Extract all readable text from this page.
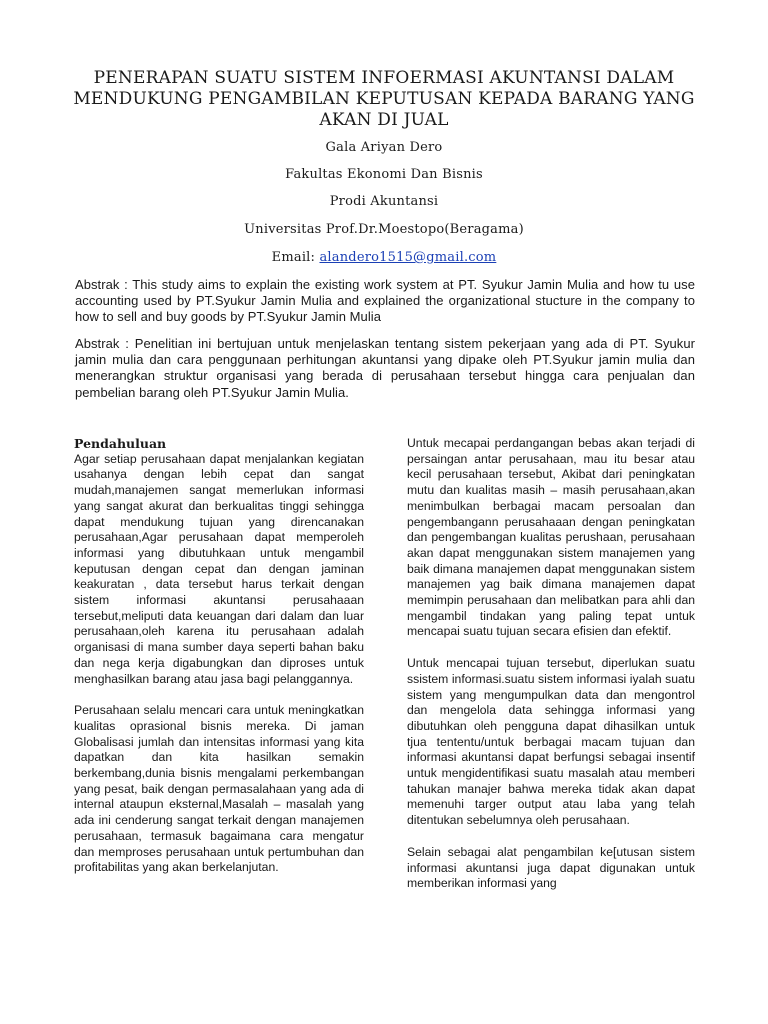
PENERAPAN SUATU SISTEM INFOERMASI AKUNTANSI DALAM MENDUKUNG PENGAMBILAN KEPUTUSAN KEPADA BARANG YANG AKAN DI JUAL
Gala Ariyan Dero
Fakultas Ekonomi Dan Bisnis
Prodi Akuntansi
Universitas Prof.Dr.Moestopo(Beragama)
Email: alandero1515@gmail.com
Abstrak : This study aims to explain the existing work system at PT. Syukur Jamin Mulia and how tu use accounting used by PT.Syukur Jamin Mulia and explained the organizational stucture in the company to how to sell and buy goods by PT.Syukur Jamin Mulia
Abstrak : Penelitian ini bertujuan untuk menjelaskan tentang sistem pekerjaan yang ada di PT. Syukur jamin mulia dan cara penggunaan perhitungan akuntansi yang dipake oleh PT.Syukur jamin mulia dan menerangkan struktur organisasi yang berada di perusahaan tersebut hingga cara penjualan dan pembelian barang oleh PT.Syukur Jamin Mulia.

Pendahuluan

Agar setiap perusahaan dapat menjalankan kegiatan usahanya dengan lebih cepat dan sangat mudah,manajemen sangat memerlukan informasi yang sangat akurat dan berkualitas tinggi sehingga dapat mendukung tujuan yang direncanakan perusahaan,Agar perusahaan dapat memperoleh informasi yang dibutuhkaan untuk mengambil keputusan dengan cepat dan dengan jaminan keakuratan , data tersebut harus terkait dengan sistem informasi akuntansi perusahaaan tersebut,meliputi data keuangan dari dalam dan luar perusahaan,oleh karena itu perusahaan adalah organisasi di mana sumber daya seperti bahan baku dan nega kerja digabungkan dan diproses untuk menghasilkan barang atau jasa bagi pelanggannya.

Perusahaan selalu mencari cara untuk meningkatkan kualitas oprasional bisnis mereka. Di jaman Globalisasi jumlah dan intensitas informasi yang kita dapatkan dan kita hasilkan semakin berkembang,dunia bisnis mengalami perkembangan yang pesat, baik dengan permasalahaan yang ada di internal ataupun eksternal,Masalah – masalah yang ada ini cenderung sangat terkait dengan manajemen perusahaan, termasuk bagaimana cara mengatur dan memproses perusahaan untuk pertumbuhan dan profitabilitas yang akan berkelanjutan.

Untuk mecapai perdangangan bebas akan terjadi di persaingan antar perusahaan, mau itu besar atau kecil perusahaan tersebut, Akibat dari peningkatan mutu dan kualitas masih – masih perusahaan,akan menimbulkan berbagai macam persoalan dan pengembangann perusahaaan dengan peningkatan dan pengembangan kualitas perushaan, perusahaan akan dapat menggunakan sistem manajemen yang baik dimana manajemen dapat menggunakan sistem manajemen yag baik dimana manajemen dapat memimpin perusahaan dan melibatkan para ahli dan mengambil tindakan yang paling tepat untuk mencapai suatu tujuan secara efisien dan efektif.

Untuk mencapai tujuan tersebut, diperlukan suatu ssistem informasi.suatu sistem informasi iyalah suatu sistem yang mengumpulkan data dan mengontrol dan mengelola data sehingga informasi yang dibutuhkan oleh pengguna dapat dihasilkan untuk tjua tententu/untuk berbagai macam tujuan dan informasi akuntansi dapat berfungsi sebagai insentif untuk mengidentifikasi suatu masalah atau memberi tahukan manajer bahwa mereka tidak akan dapat memenuhi targer output atau laba yang telah ditentukan sebelumnya oleh perusahaan.

Selain sebagai alat pengambilan ke[utusan sistem informasi akuntansi juga dapat digunakan untuk memberikan informasi yang
